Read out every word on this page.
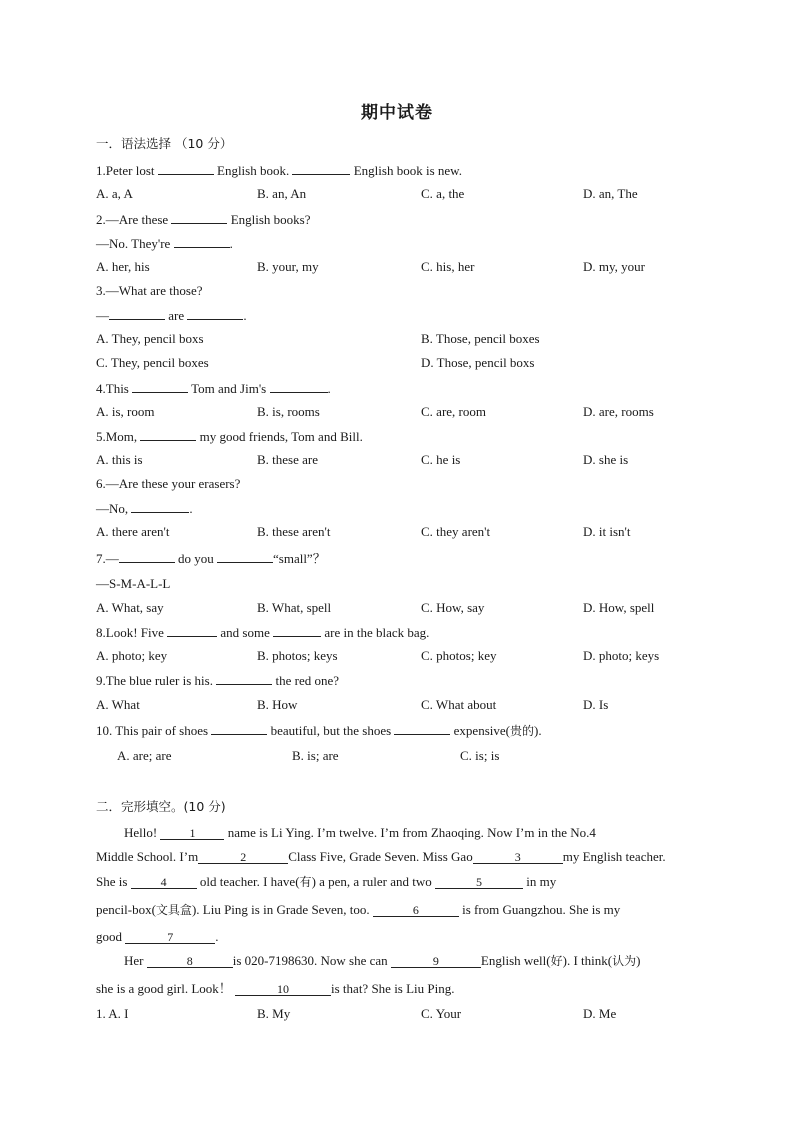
期中试卷
一．语法选择 （10 分）
1.Peter lost	English book.	English book is new.
A. a, A	B. an, An	C. a, the	D. an, The
2.—Are these	English books?
—No. They're	.
A. her, his	B. your, my	C. his, her	D. my, your
3.—What are those?
—	are	.
A. They, pencil boxs	B. Those, pencil boxes
C. They, pencil boxes	D. Those, pencil boxs
4.This	Tom and Jim's	.
A. is, room	B. is, rooms	C. are, room	D. are, rooms
5.Mom,	my good friends, Tom and Bill.
A. this is	B. these are	C. he is	D. she is
6.—Are these your erasers?
—No,	.
A. there aren't	B. these aren't	C. they aren't	D. it isn't
7.—	do you	“small”？
—S-M-A-L-L
A. What, say	B. What, spell	C. How, say	D. How, spell
8.Look! Five	and some	are in the black bag.
A. photo; key	B. photos; keys	C. photos; key	D. photo; keys
9.The blue ruler is his.	the red one?
A. What	B. How	C. What about	D. Is
10. This pair of shoes	beautiful, but the shoes	expensive(贵的).
A. are; are	B. is; are	C. is; is
二．完形填空。(10 分)
Hello! 1 name is Li Ying. I’m twelve. I’m from Zhaoqing. Now I’m in the No.4
Middle School. I’m	2	Class Five, Grade Seven. Miss Gao	3	my English teacher.
She is	4 old teacher. I have(有) a pen, a ruler and two	5	in my
pencil-box(文具盒). Liu Ping is in Grade Seven, too.	6	is from Guangzhou. She is my
good	7	.
Her	8	is 020-7198630. Now she can	9	English well(好). I think(认为)
she is a good girl. Look！	10	is that? She is Liu Ping.
1. A. I	B. My	C. Your	D. Me
